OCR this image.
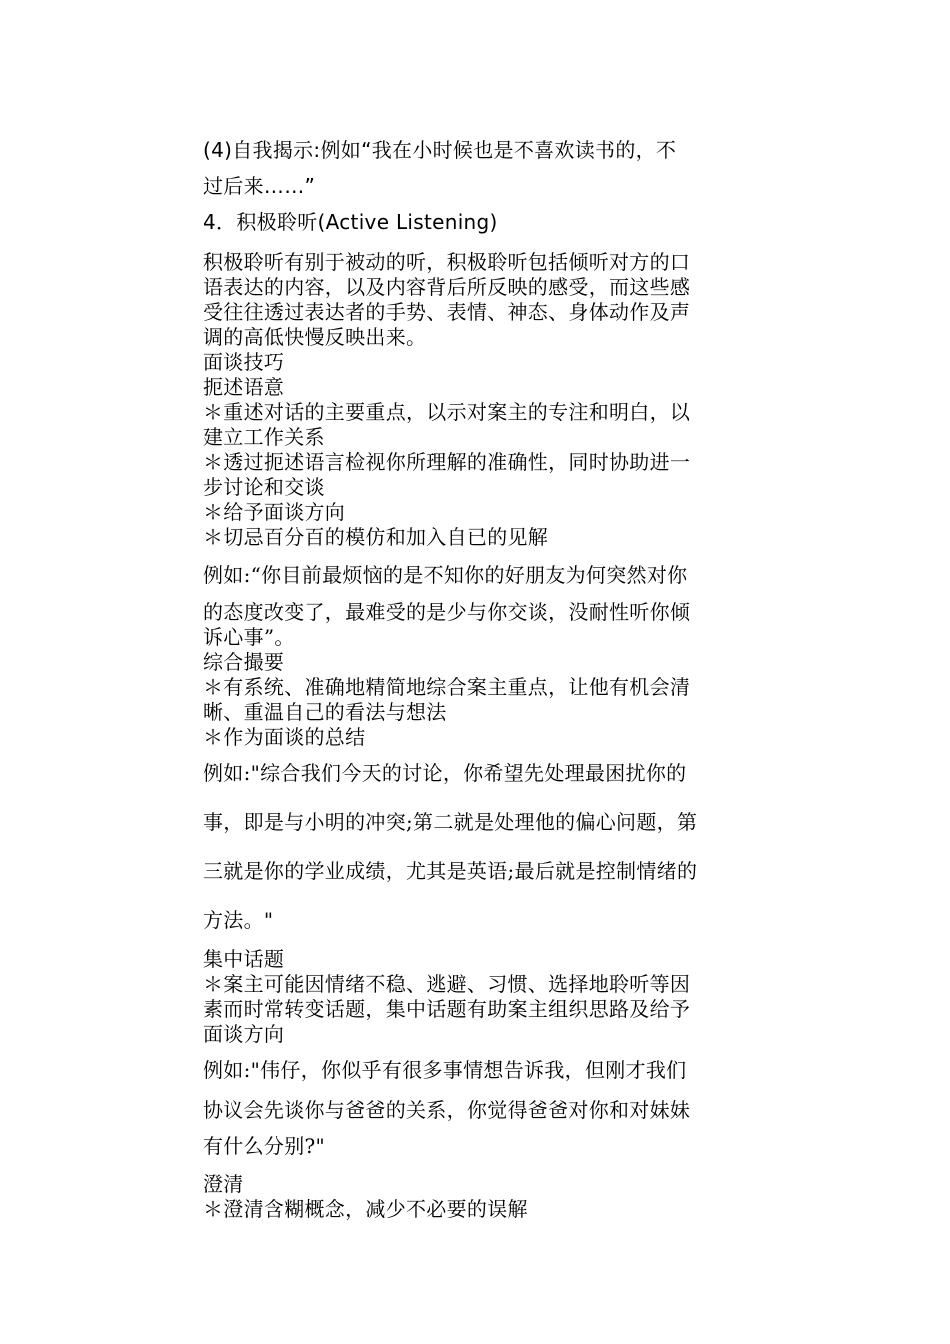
(4)自我揭示:例如“我在小时候也是不喜欢读书的，不
过后来……”
4．积极聆听(Active Listening)
积极聆听有别于被动的听，积极聆听包括倾听对方的口
语表达的内容，以及内容背后所反映的感受，而这些感
受往往透过表达者的手势、表情、神态、身体动作及声
调的高低快慢反映出来。
面谈技巧
扼述语意
＊重述对话的主要重点，以示对案主的专注和明白，以
建立工作关系
＊透过扼述语言检视你所理解的准确性，同时协助进一
步讨论和交谈
＊给予面谈方向
＊切忌百分百的模仿和加入自已的见解
例如:“你目前最烦恼的是不知你的好朋友为何突然对你
的态度改变了，最难受的是少与你交谈，没耐性听你倾
诉心事”。
综合撮要
＊有系统、准确地精简地综合案主重点，让他有机会清
晰、重温自己的看法与想法
＊作为面谈的总结
例如:"综合我们今天的讨论，你希望先处理最困扰你的
事，即是与小明的冲突;第二就是处理他的偏心问题，第
三就是你的学业成绩，尤其是英语;最后就是控制情绪的
方法。"
集中话题
＊案主可能因情绪不稳、逃避、习惯、选择地聆听等因
素而时常转变话题，集中话题有助案主组织思路及给予
面谈方向
例如:"伟仔，你似乎有很多事情想告诉我，但刚才我们
协议会先谈你与爸爸的关系，你觉得爸爸对你和对妹妹
有什么分别?"
澄清
＊澄清含糊概念，减少不必要的误解
